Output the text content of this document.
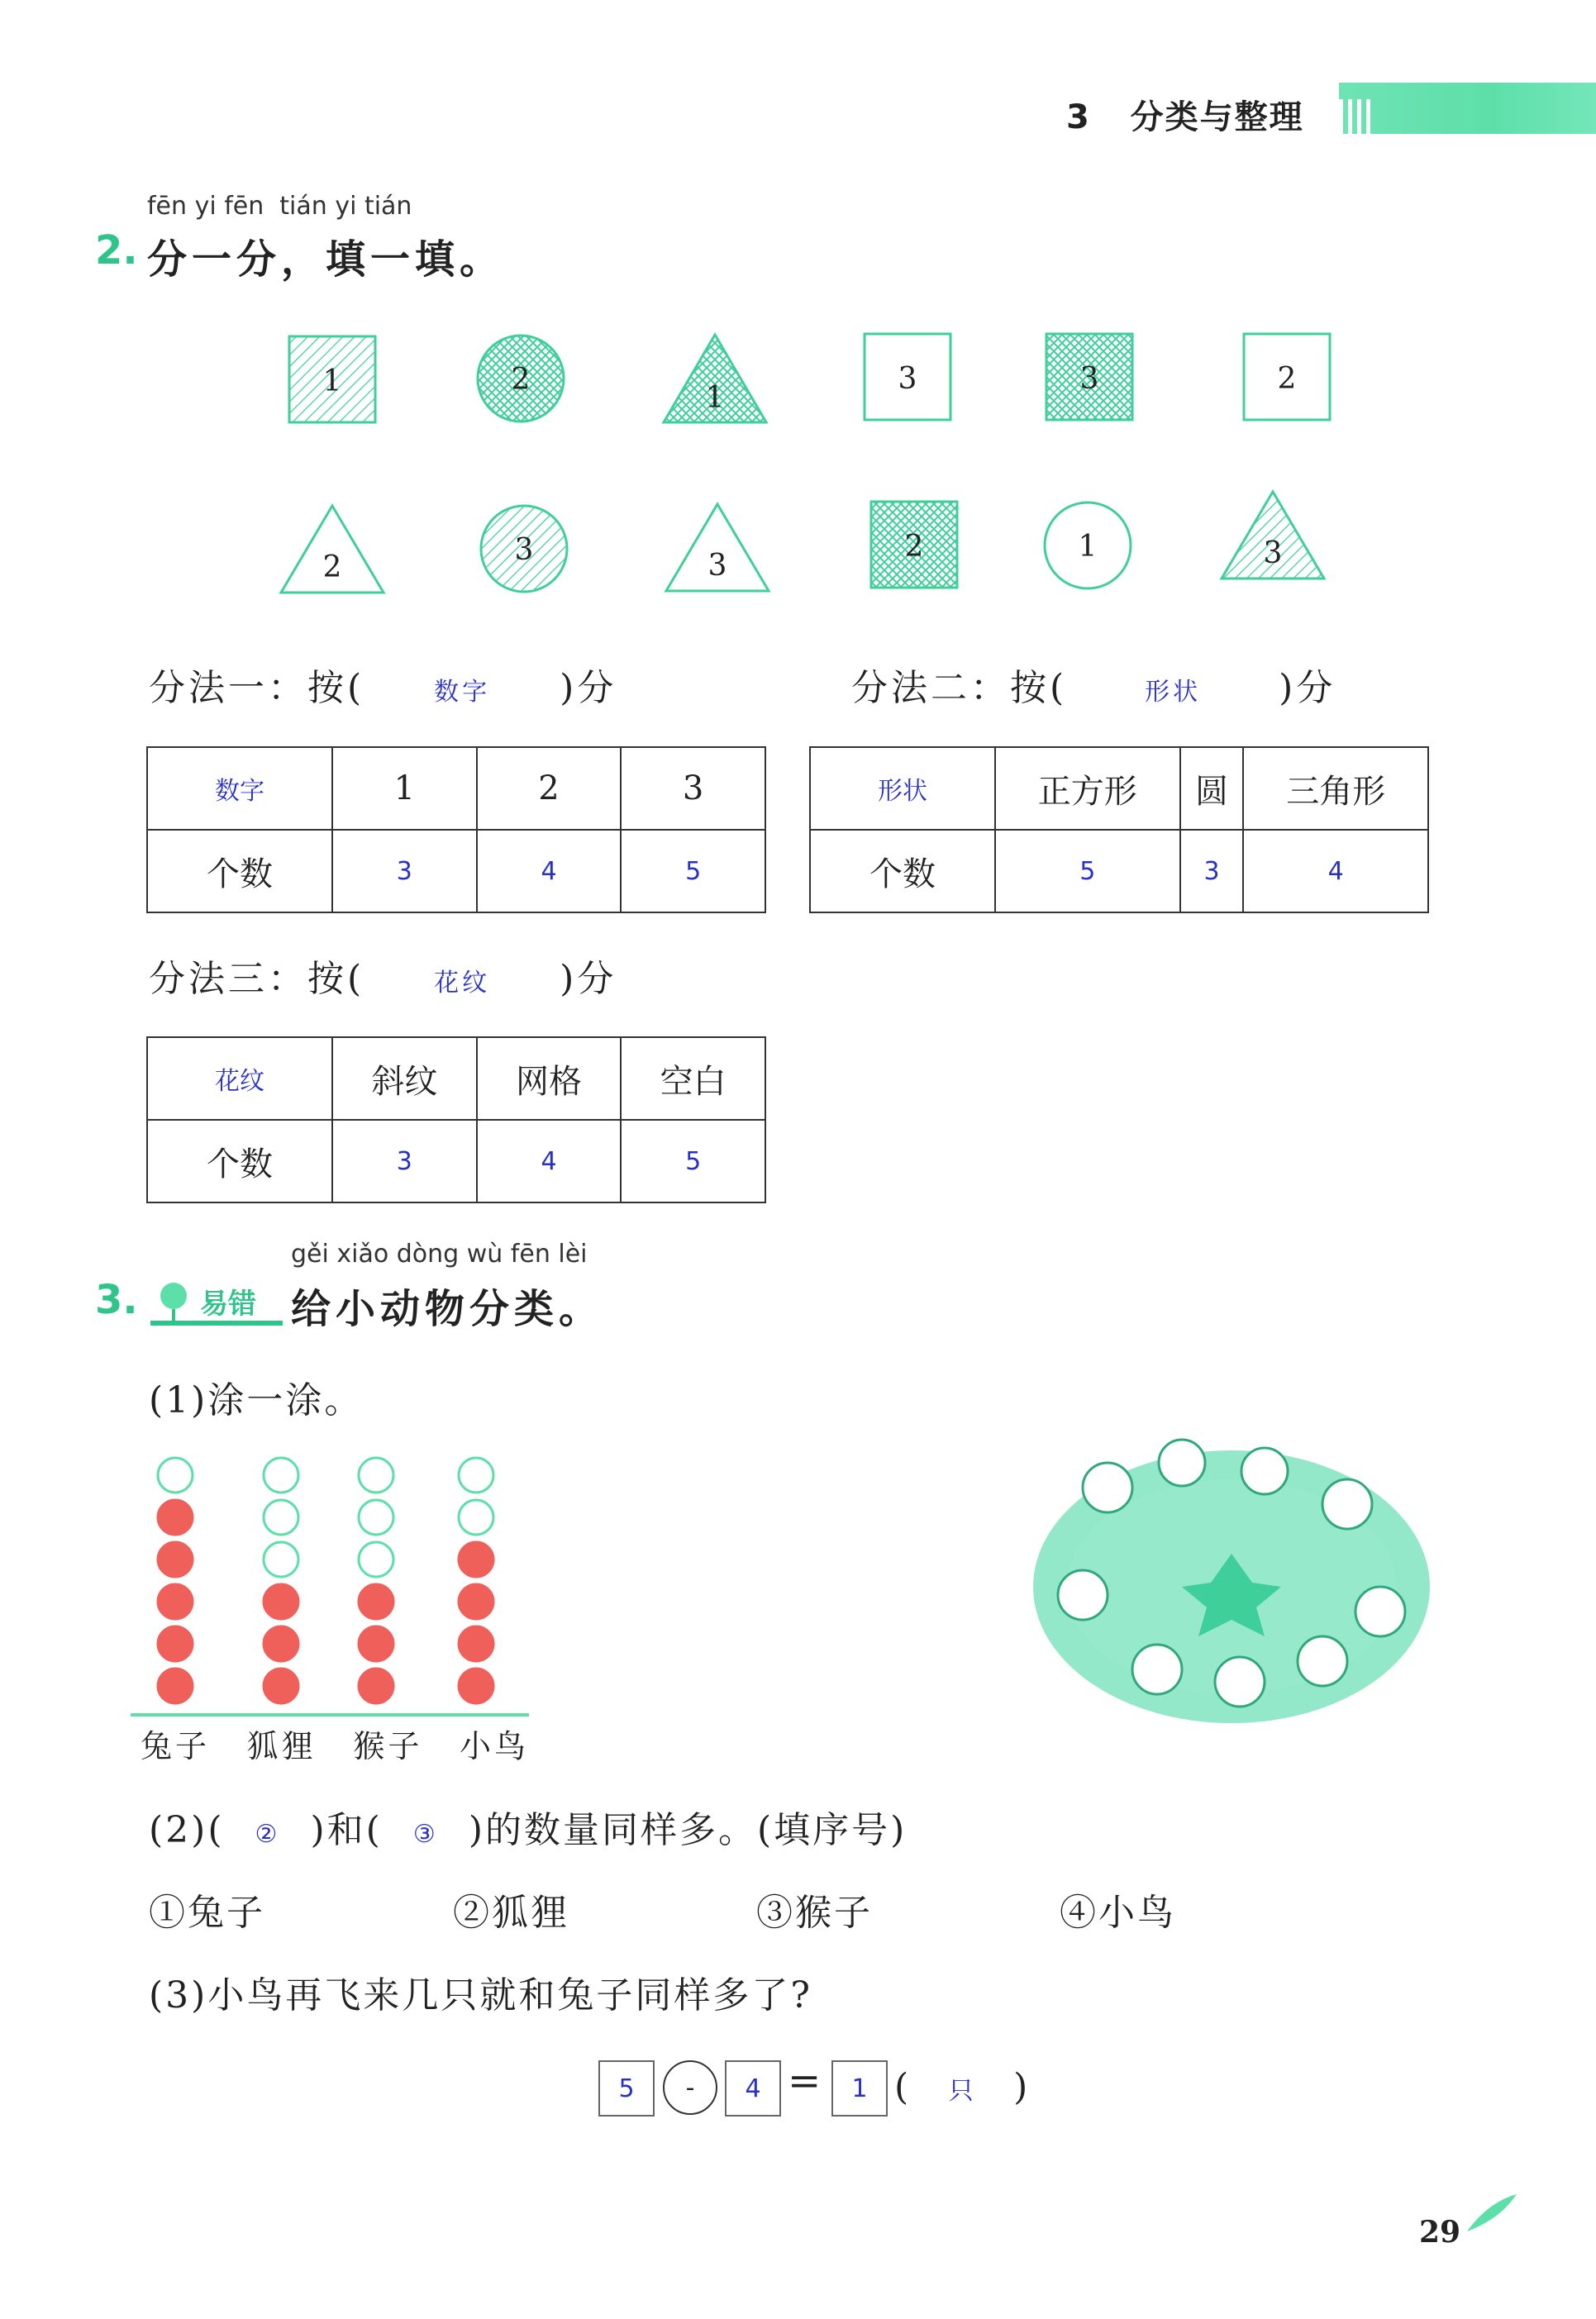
3   分类与整理
fēn yi fēn  tián yi tián
2. 分一分，填一填。
1	2
1
3	3	2
2
3	3
2	1	3
分法一：按(	数字 )分
数字	1	2	3
个数	3	4	5
分法二：按(	形状 )分
形状	正方形	圆	三角形
个数	5	3	4
分法三：按(	花纹 )分
花纹	斜纹	网格	空白
个数	3	4	5
gěi xiǎo dòng wù fēn lèi
3. 易错 给小动物分类。
(1)涂一涂。
兔子 狐狸 猴子 小鸟
(2)( ② )和( ③ )的数量同样多。(填序号)
①兔子	②狐狸	③猴子	④小鸟
(3)小鸟再飞来几只就和兔子同样多了?
5	-	4 =	1 ( 只 )
29
